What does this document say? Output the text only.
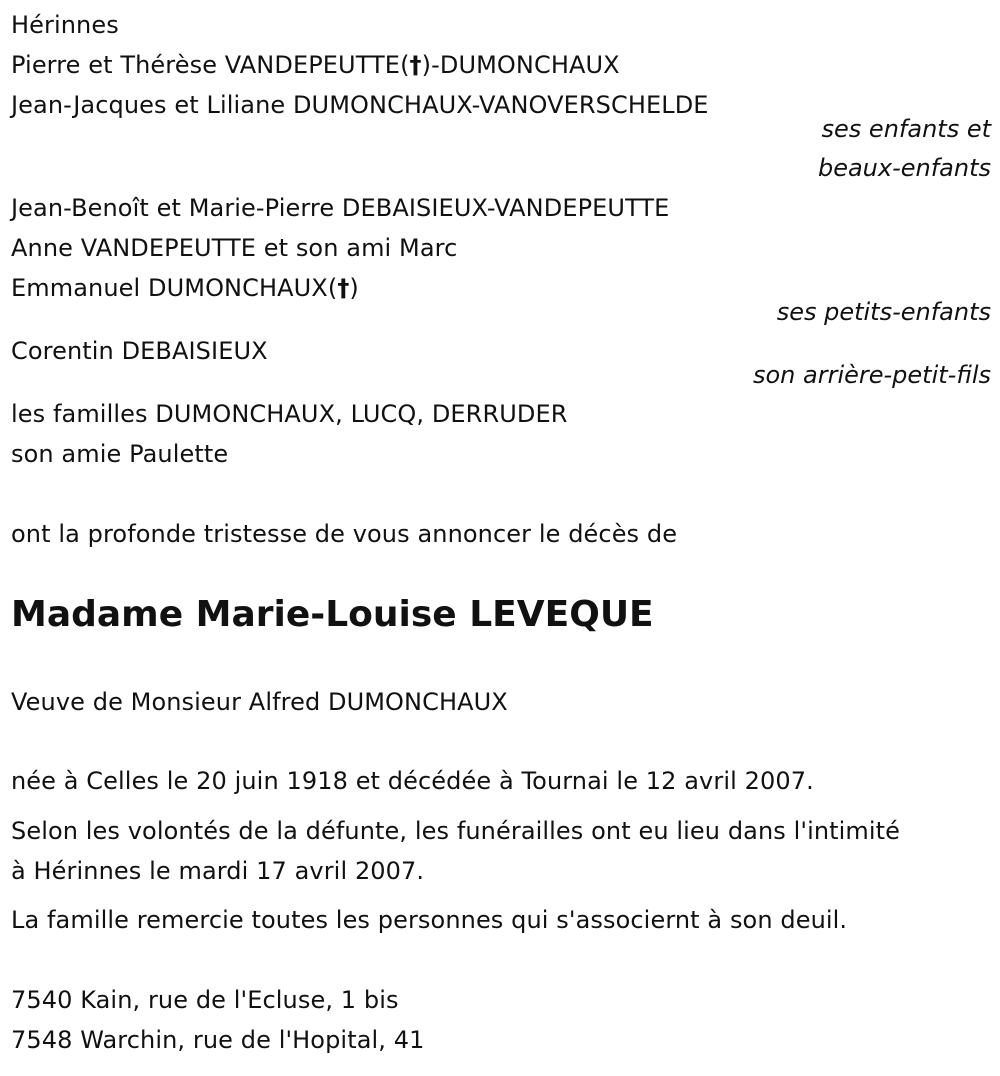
Hérinnes
Pierre et Thérèse VANDEPEUTTE(†)-DUMONCHAUX
Jean-Jacques et Liliane DUMONCHAUX-VANOVERSCHELDE
ses enfants et
beaux-enfants
Jean-Benoît et Marie-Pierre DEBAISIEUX-VANDEPEUTTE
Anne VANDEPEUTTE et son ami Marc
Emmanuel DUMONCHAUX(†)
ses petits-enfants
Corentin DEBAISIEUX
son arrière-petit-fils
les familles DUMONCHAUX, LUCQ, DERRUDER
son amie Paulette
ont la profonde tristesse de vous annoncer le décès de
Madame Marie-Louise LEVEQUE
Veuve de Monsieur Alfred DUMONCHAUX
née à Celles le 20 juin 1918 et décédée à Tournai le 12 avril 2007.
Selon les volontés de la défunte, les funérailles ont eu lieu dans l'intimité
à Hérinnes le mardi 17 avril 2007.
La famille remercie toutes les personnes qui s'associernt à son deuil.
7540 Kain, rue de l'Ecluse, 1 bis
7548 Warchin, rue de l'Hopital, 41
